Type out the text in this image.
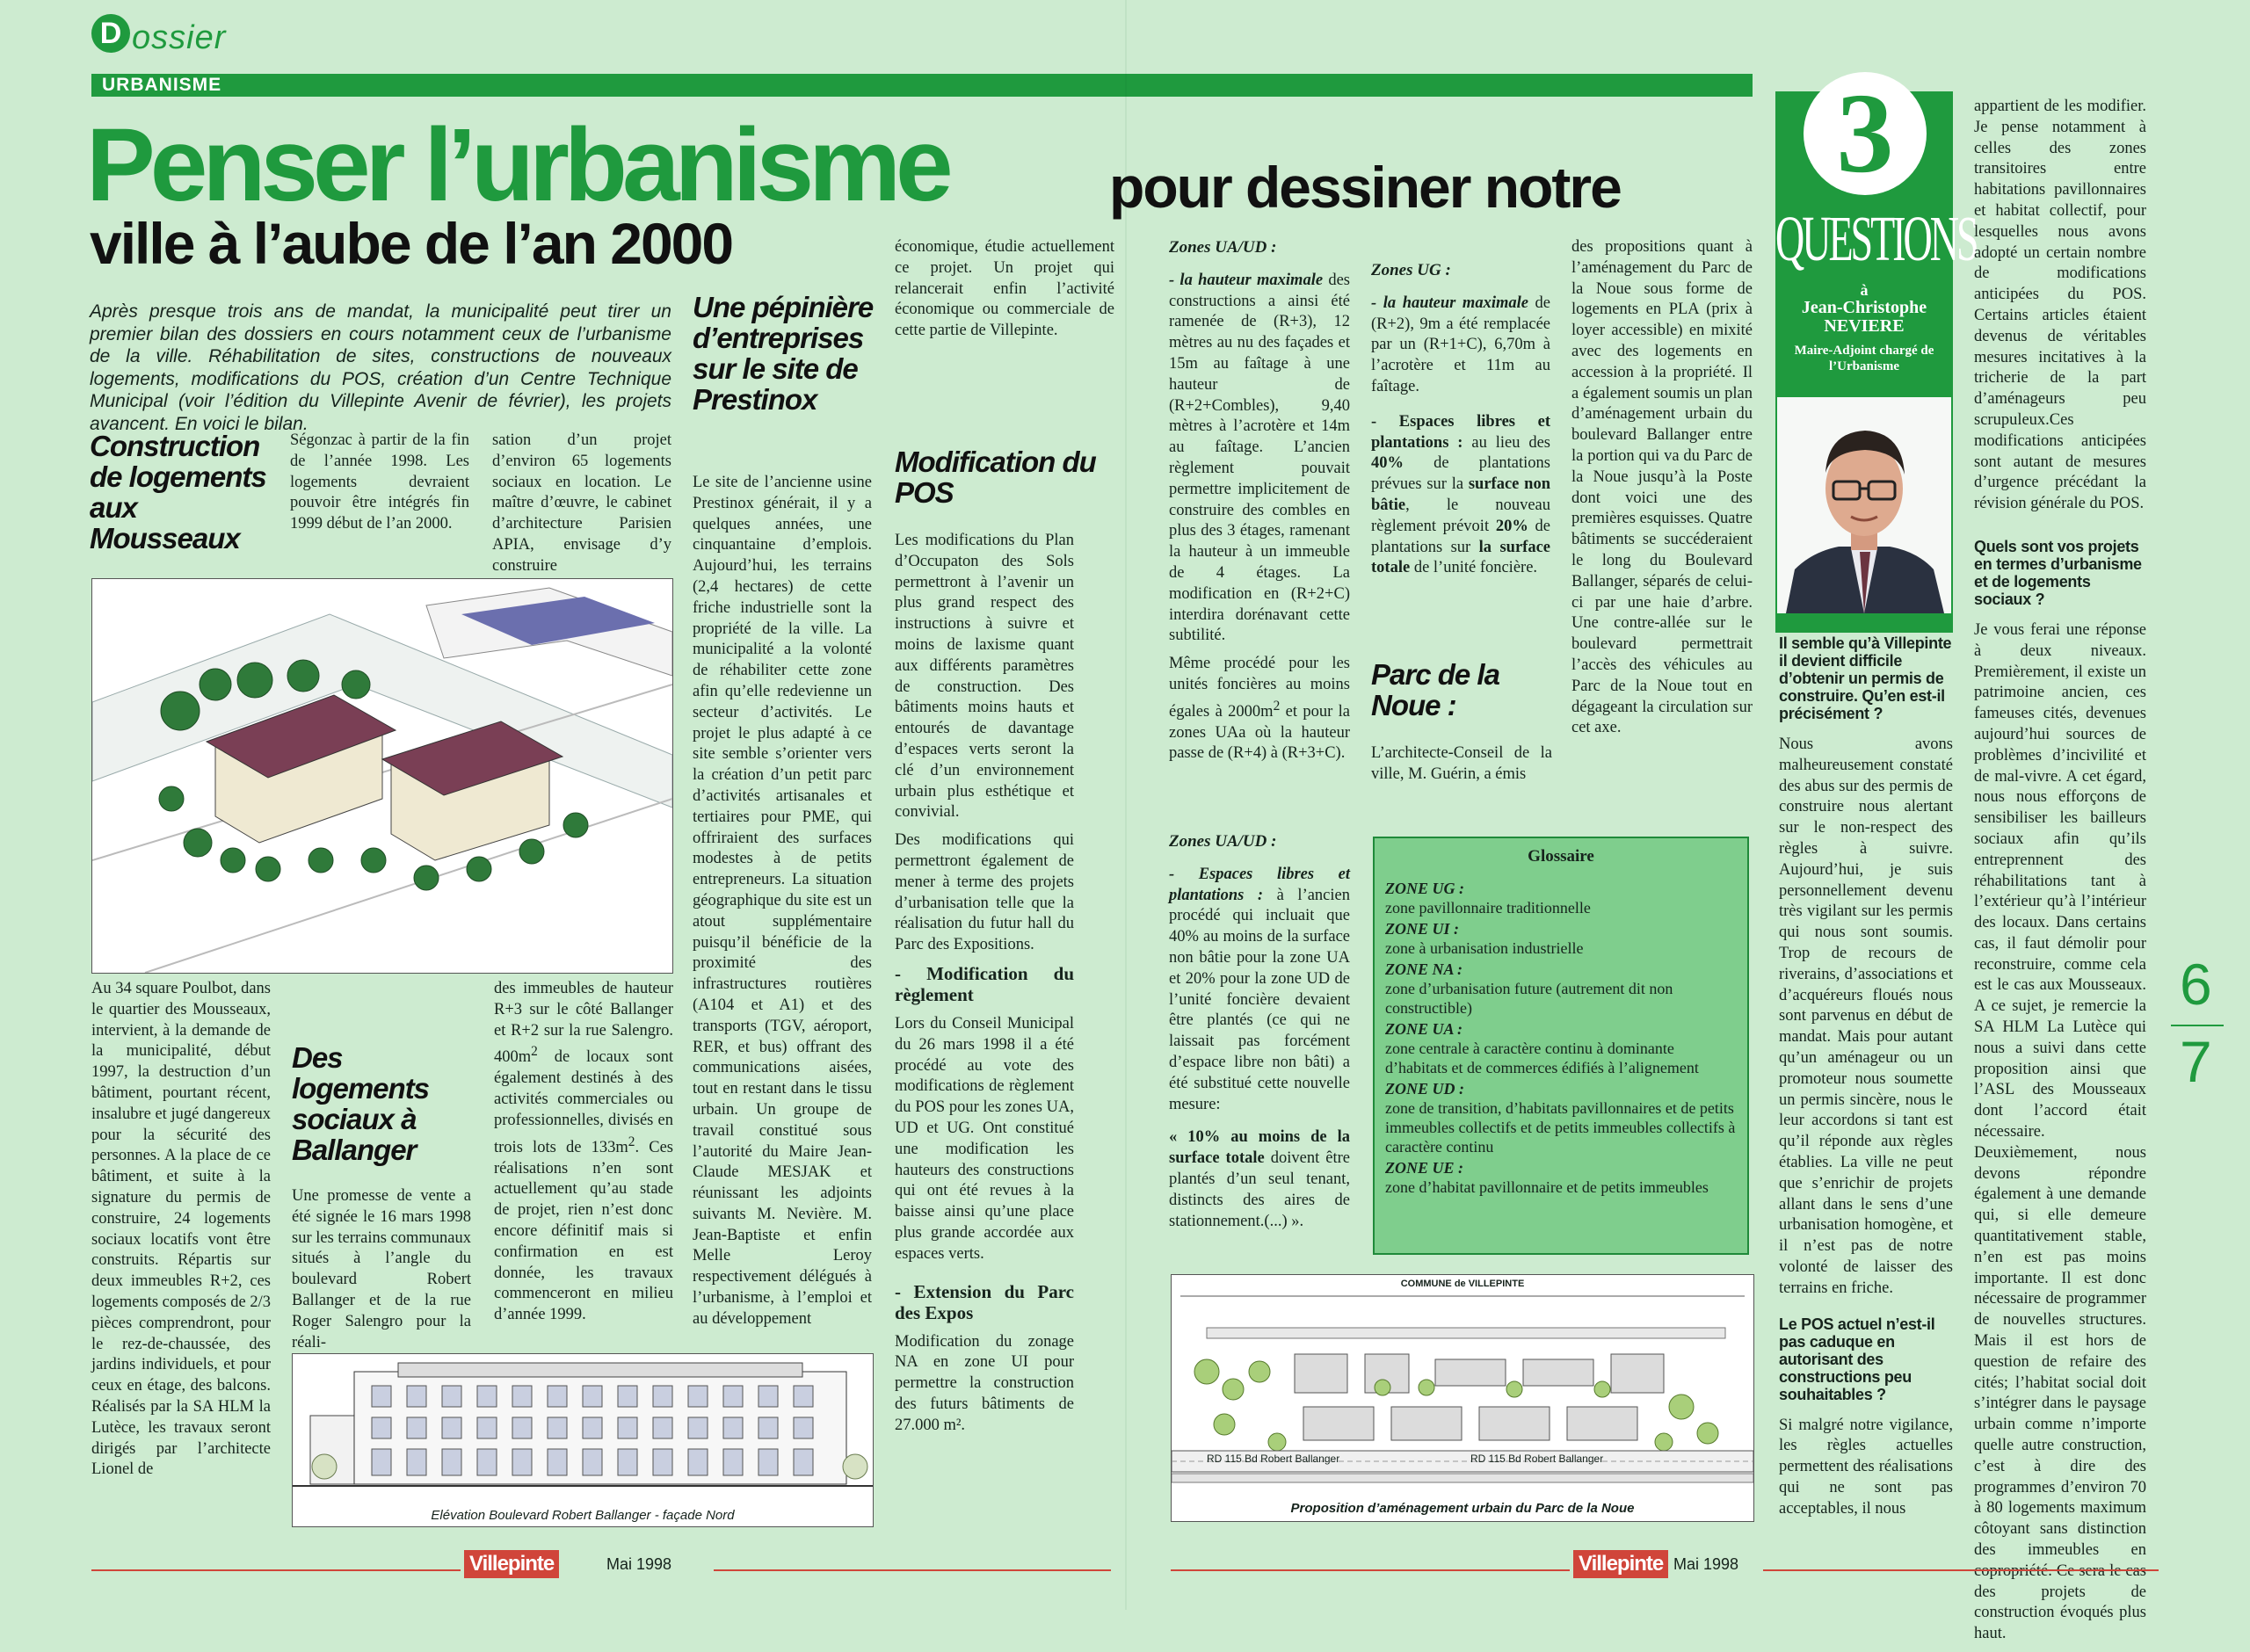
D ossier
URBANISME
Penser l’urbanisme	pour dessiner notre
ville à l’aube de l’an 2000
Après presque trois ans de mandat, la municipalité peut tirer un premier bilan des dossiers en cours notamment ceux de l’urbanisme de la ville. Réhabilitation de sites, constructions de nouveaux logements, modifications du POS, création d’un Centre Technique Municipal (voir l’édition du Villepinte Avenir de février), les projets avancent. En voici le bilan.
Construction de logements aux Mousseaux
Ségonzac à partir de la fin de l’année 1998. Les logements devraient pouvoir être intégrés fin 1999 début de l’an 2000.
sation d’un projet d’environ 65 logements sociaux en location. Le maître d’œuvre, le cabinet d’architecture Parisien APIA, envisage d’y construire
Au 34 square Poulbot, dans le quartier des Mousseaux, intervient, à la demande de la municipalité, début 1997, la destruction d’un bâtiment, pourtant récent, insalubre et jugé dangereux pour la sécurité des personnes. A la place de ce bâtiment, et suite à la signature du permis de construire, 24 logements sociaux locatifs vont être construits. Répartis sur deux immeubles R+2, ces logements composés de 2/3 pièces comprendront, pour le rez-de-chaussée, des jardins individuels, et pour ceux en étage, des balcons. Réalisés par la SA HLM la Lutèce, les travaux seront dirigés par l’architecte Lionel de
Des logements sociaux à Ballanger
Une promesse de vente a été signée le 16 mars 1998 sur les terrains communaux situés à l’angle du boulevard Robert Ballanger et de la rue Roger Salengro pour la réali-
des immeubles de hauteur R+3 sur le côté Ballanger et R+2 sur la rue Salengro. $400m^2$ de locaux sont également destinés à des activités commerciales ou professionnelles, divisés en trois lots de $133m^2$. Ces réalisations n’en sont actuellement qu’au stade de projet, rien n’est donc encore définitif mais si confirmation en est donnée, les travaux commenceront en milieu d’année 1999.
Elévation Boulevard Robert Ballanger - façade Nord
économique, étudie actuellement ce projet. Un projet qui relancerait enfin l’activité économique ou commerciale de cette partie de Villepinte.
Une pépinière d’entreprises sur le site de Prestinox
Le site de l’ancienne usine Prestinox générait, il y a quelques années, une cinquantaine d’emplois. Aujourd’hui, les terrains (2,4 hectares) de cette friche industrielle sont la propriété de la ville. La municipalité a la volonté de réhabiliter cette zone afin qu’elle redevienne un secteur d’activités. Le projet le plus adapté à ce site semble s’orienter vers la création d’un petit parc d’activités artisanales et tertiaires pour PME, qui offriraient des surfaces modestes à de petits entrepreneurs. La situation géographique du site est un atout supplémentaire puisqu’il bénéficie de la proximité des infrastructures routières (A104 et A1) et des transports (TGV, aéroport, RER, et bus) offrant des communications aisées, tout en restant dans le tissu urbain. Un groupe de travail constitué sous l’autorité du Maire Jean-Claude MESJAK et réunissant les adjoints suivants M. Nevière. M. Jean-Baptiste et enfin Melle Leroy respectivement délégués à l’urbanisme, à l’emploi et au développement
Modification du POS

Les modifications du Plan d’Occupaton des Sols permettront à l’avenir un plus grand respect des instructions à suivre et moins de laxisme quant aux différents paramètres de construction. Des bâtiments moins hauts et entourés de davantage d’espaces verts seront la clé d’un environnement urbain plus esthétique et convivial.

Des modifications qui permettront également de mener à terme des projets d’urbanisation telle que la réalisation du futur hall du Parc des Expositions.

- Modification du règlement

Lors du Conseil Municipal du 26 mars 1998 il a été procédé au vote des modifications de règlement du POS pour les zones UA, UD et UG. Ont constitué une modification les hauteurs des constructions qui ont été revues à la baisse ainsi qu’une place plus grande accordée aux espaces verts.

- Extension du Parc des Expos

Modification du zonage NA en zone UI pour permettre la construction des futurs bâtiments de 27.000 m².

Zones UA/UD :

- la hauteur maximale des constructions a ainsi été ramenée de (R+3), 12 mètres au nu des façades et 15m au faîtage à une hauteur de (R+2+Combles), 9,40 mètres à l’acrotère et 14m au faîtage. L’ancien règlement pouvait permettre implicitement de construire des combles en plus des 3 étages, ramenant la hauteur à un immeuble de 4 étages. La modification en (R+2+C) interdira dorénavant cette subtilité.

Même procédé pour les unités foncières au moins égales à $2000m^2$ et pour la zones UAa où la hauteur passe de (R+4) à (R+3+C).

Zones UA/UD :

- Espaces libres et plantations : à l’ancien procédé qui incluait que 40% au moins de la surface non bâtie pour la zone UA et 20% pour la zone UD de l’unité foncière devaient être plantés (ce qui ne laissait pas forcément d’espace libre non bâti) a été substitué cette nouvelle mesure:

« 10% au moins de la surface totale doivent être plantés d’un seul tenant, distincts des aires de stationnement.(...) ».

Zones UG :

- la hauteur maximale de (R+2), 9m a été remplacée par un (R+1+C), 6,70m à l’acrotère et 11m au faîtage.

- Espaces libres et plantations : au lieu des 40% de plantations prévues sur la surface non bâtie, le nouveau règlement prévoit 20% de plantations sur la surface totale de l’unité foncière.

Parc de la Noue :
L’architecte-Conseil de la ville, M. Guérin, a émis
des propositions quant à l’aménagement du Parc de la Noue sous forme de logements en PLA (prix à loyer accessible) en mixité avec des logements en accession à la propriété. Il a également soumis un plan d’aménagement urbain du boulevard Ballanger entre la portion qui va du Parc de la Noue jusqu’à la Poste dont voici une des premières esquisses. Quatre bâtiments se succéderaient le long du Boulevard Ballanger, séparés de celui-ci par une haie d’arbre. Une contre-allée sur le boulevard permettrait l’accès des véhicules au Parc de la Noue tout en dégageant la circulation sur cet axe.
Glossaire
ZONE UG :
zone pavillonnaire traditionnelle
ZONE UI :
zone à urbanisation industrielle
ZONE NA :
zone d’urbanisation future (autrement dit non constructible)
ZONE UA :
zone centrale à caractère continu à dominante d’habitats et de commerces édifiés à l’alignement
ZONE UD :
zone de transition, d’habitats pavillonnaires et de petits immeubles collectifs et de petits immeubles collectifs à caractère continu
ZONE UE :
zone d’habitat pavillonnaire et de petits immeubles
COMMUNE de VILLEPINTE
RD 115 Bd Robert Ballanger	RD 115 Bd Robert Ballanger
Proposition d’aménagement urbain du Parc de la Noue
3
QUESTIONS
à
Jean-Christophe NEVIERE
Maire-Adjoint chargé de l’Urbanisme
Il semble qu’à Villepinte il devient difficile d’obtenir un permis de construire. Qu’en est-il précisément ?

Nous avons malheureusement constaté des abus sur des permis de construire nous alertant sur le non-respect des règles à suivre. Aujourd’hui, je suis personnellement devenu très vigilant sur les permis qui nous sont soumis. Trop de recours de riverains, d’associations et d’acquéreurs floués nous sont parvenus en début de mandat. Mais pour autant qu’un aménageur ou un promoteur nous soumette un permis sincère, nous le leur accordons si tant est qu’il réponde aux règles établies. La ville ne peut que s’enrichir de projets allant dans le sens d’une urbanisation homogène, et il n’est pas de notre volonté de laisser des terrains en friche.

Le POS actuel n’est-il pas caduque en autorisant des constructions peu souhaitables ?

Si malgré notre vigilance, les règles actuelles permettent des réalisations qui ne sont pas acceptables, il nous

appartient de les modifier. Je pense notamment à celles des zones transitoires entre habitations pavillonnaires et habitat collectif, pour lesquelles nous avons adopté un certain nombre de modifications anticipées du POS. Certains articles étaient devenus de véritables mesures incitatives à la tricherie de la part d’aménageurs peu scrupuleux.Ces modifications anticipées sont autant de mesures d’urgence précédant la révision générale du POS.

Quels sont vos projets en termes d’urbanisme et de logements sociaux ?

Je vous ferai une réponse à deux niveaux. Premièrement, il existe un patrimoine ancien, ces fameuses cités, devenues aujourd’hui sources de problèmes d’incivilité et de mal-vivre. A cet égard, nous nous efforçons de sensibiliser les bailleurs sociaux afin qu’ils entreprennent des réhabilitations tant à l’extérieur qu’à l’intérieur des locaux. Dans certains cas, il faut démolir pour reconstruire, comme cela est le cas aux Mousseaux. A ce sujet, je remercie la SA HLM La Lutèce qui nous a suivi dans cette proposition ainsi que l’ASL des Mousseaux dont l’accord était nécessaire. Deuxièmement, nous devons répondre également à une demande qui, si elle demeure quantitativement stable, n’en est pas moins importante. Il est donc nécessaire de programmer de nouvelles structures. Mais il est hors de question de refaire des cités; l’habitat social doit s’intégrer dans le paysage urbain comme n’importe quelle autre construction, c’est à dire des programmes d’environ 70 à 80 logements maximum côtoyant sans distinction des immeubles en des projets de construction évoqués plus haut.

6
7
Villepinte	Mai 1998	Villepinte Mai 1998
